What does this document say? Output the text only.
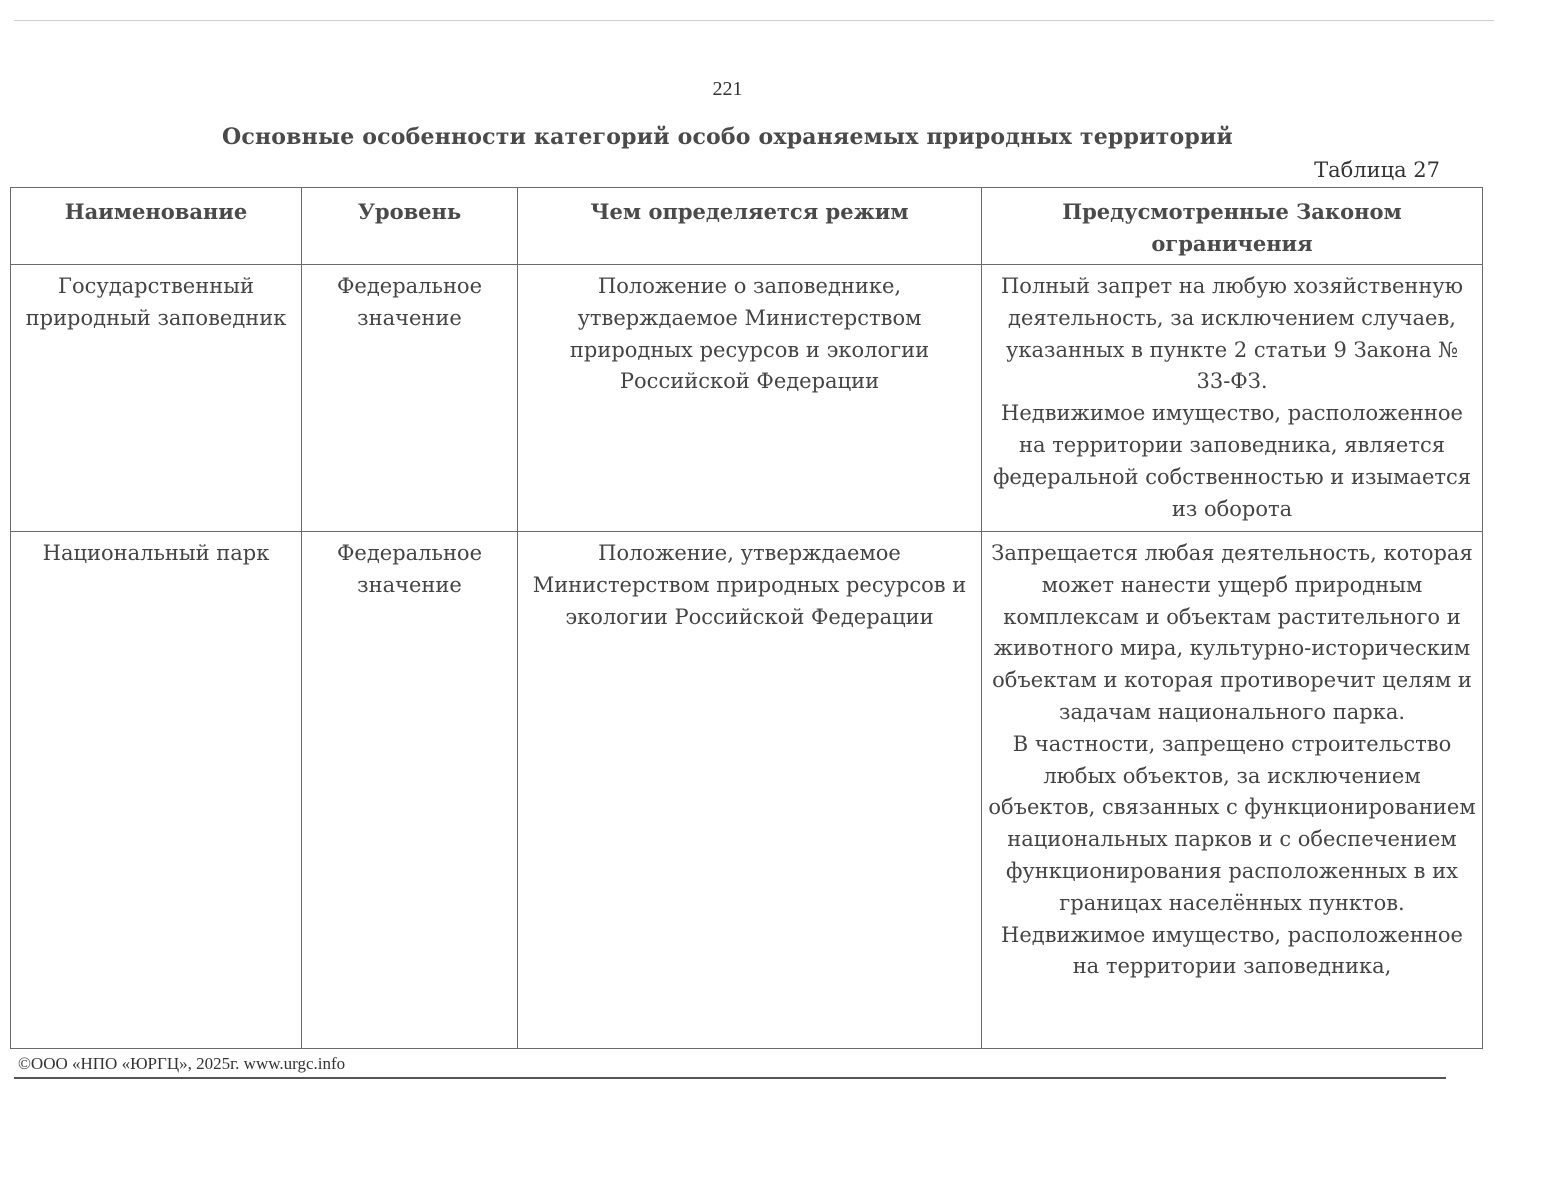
221
Основные особенности категорий особо охраняемых природных территорий
Таблица 27
Наименование	Уровень	Чем определяется режим	Предусмотренные Законом ограничения
Государственный природный заповедник	Федеральное значение	Положение о заповеднике, утверждаемое Министерством природных ресурсов и экологии Российской Федерации	Полный запрет на любую хозяйственную деятельность, за исключением случаев, указанных в пункте 2 статьи 9 Закона № 33-ФЗ.

Недвижимое имущество, расположенное на территории заповедника, является федеральной собственностью и изымается из оборота

Национальный парк	Федеральное значение	Положение, утверждаемое Министерством природных ресурсов и экологии Российской Федерации	Запрещается любая деятельность, которая может нанести ущерб природным комплексам и объектам растительного и животного мира, культурно-историческим объектам и которая противоречит целям и задачам национального парка.

В частности, запрещено строительство любых объектов, за исключением объектов, связанных с функционированием национальных парков и с обеспечением функционирования расположенных в их границах населённых пунктов.

Недвижимое имущество, расположенное на территории заповедника,

©ООО «НПО «ЮРГЦ», 2025г. www.urgc.info
